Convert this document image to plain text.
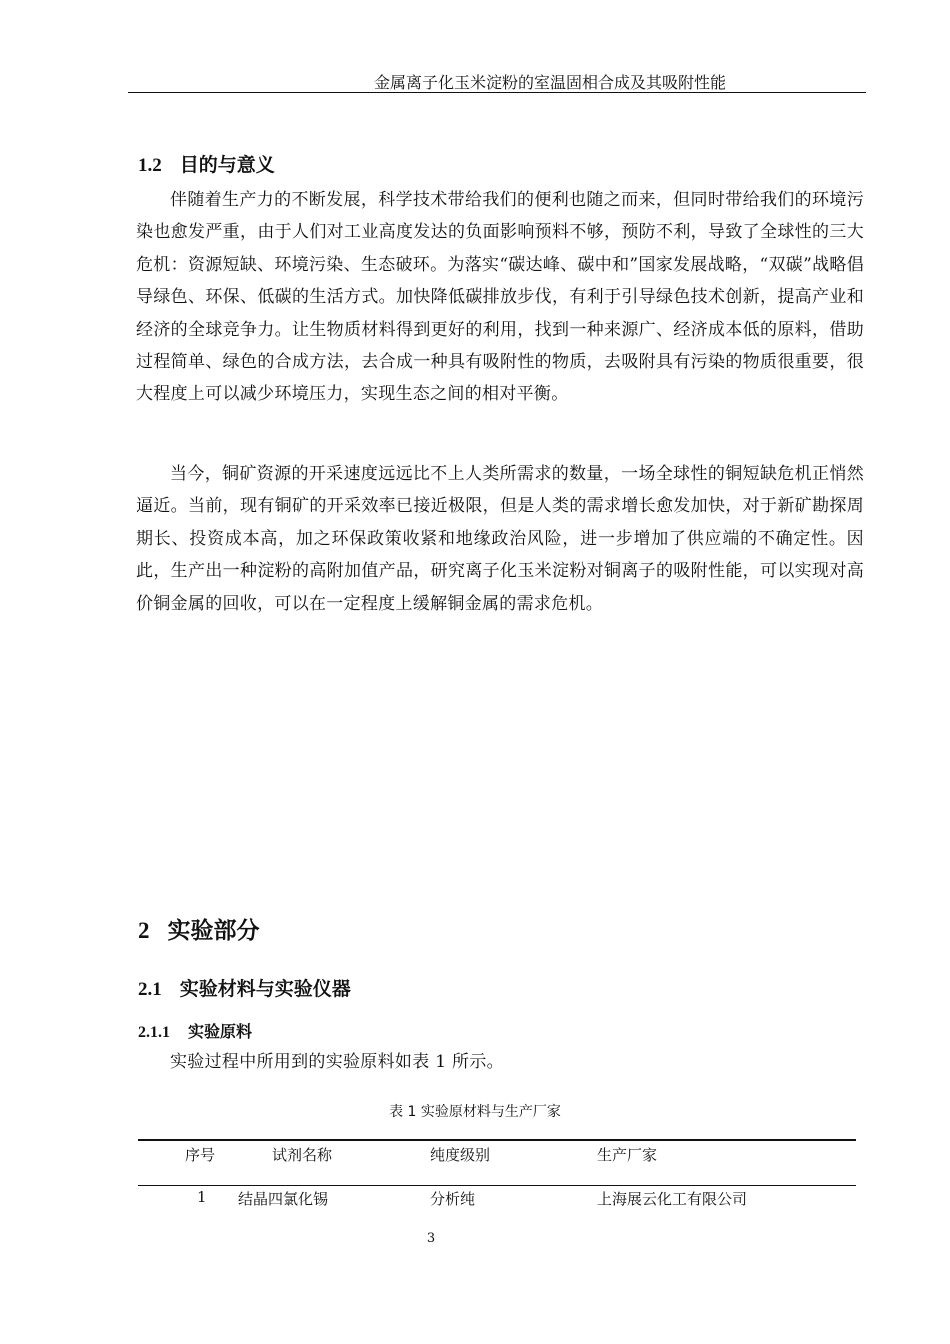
金属离子化玉米淀粉的室温固相合成及其吸附性能
1.2 目的与意义
伴随着生产力的不断发展，科学技术带给我们的便利也随之而来，但同时带给我们的环境污染也愈发严重，由于人们对工业高度发达的负面影响预料不够，预防不利，导致了全球性的三大危机：资源短缺、环境污染、生态破环。为落实“碳达峰、碳中和”国家发展战略，“双碳”战略倡导绿色、环保、低碳的生活方式。加快降低碳排放步伐，有利于引导绿色技术创新，提高产业和经济的全球竞争力。让生物质材料得到更好的利用，找到一种来源广、经济成本低的原料，借助过程简单、绿色的合成方法，去合成一种具有吸附性的物质，去吸附具有污染的物质很重要，很大程度上可以减少环境压力，实现生态之间的相对平衡。
当今，铜矿资源的开采速度远远比不上人类所需求的数量，一场全球性的铜短缺危机正悄然逼近。当前，现有铜矿的开采效率已接近极限，但是人类的需求增长愈发加快，对于新矿勘探周期长、投资成本高，加之环保政策收紧和地缘政治风险，进一步增加了供应端的不确定性。因此，生产出一种淀粉的高附加值产品，研究离子化玉米淀粉对铜离子的吸附性能，可以实现对高价铜金属的回收，可以在一定程度上缓解铜金属的需求危机。
2 实验部分
2.1 实验材料与实验仪器
2.1.1 实验原料
实验过程中所用到的实验原料如表 1 所示。
表 1 实验原材料与生产厂家
序号	试剂名称	纯度级别	生产厂家
1 结晶四氯化锡	分析纯	上海展云化工有限公司
3
